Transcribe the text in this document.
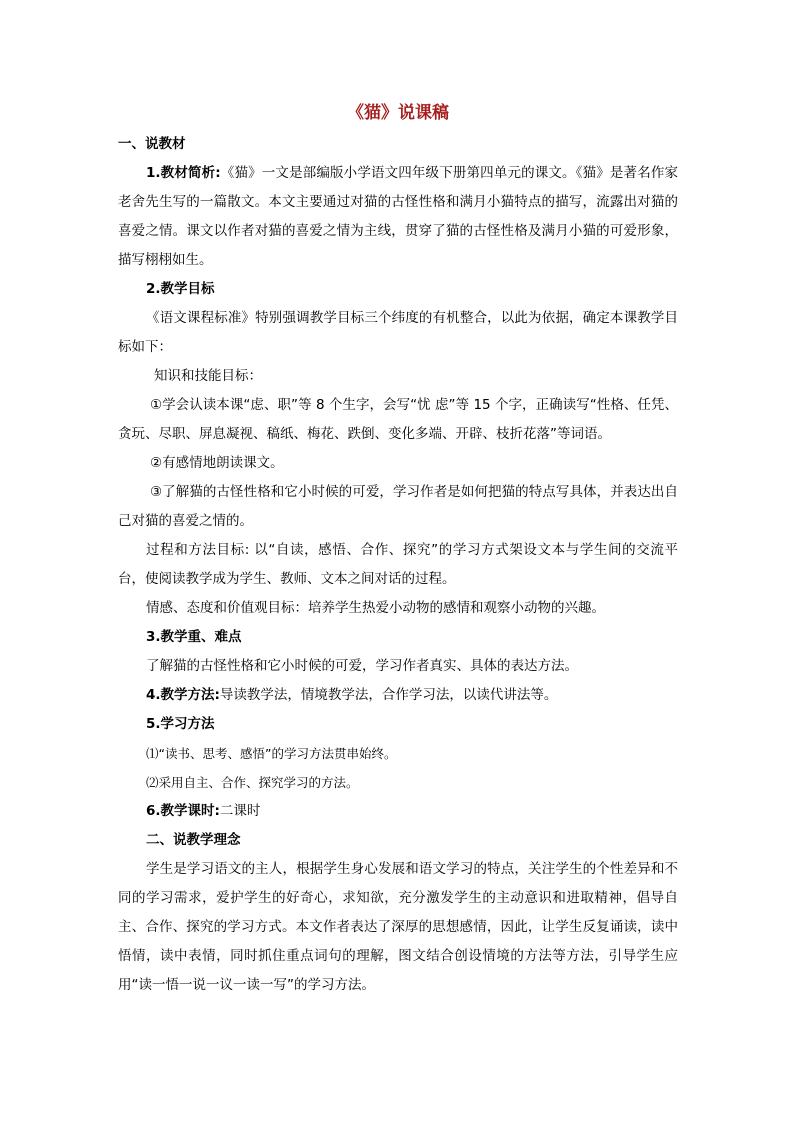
《猫》说课稿
一、说教材

1.教材简析:《猫》一文是部编版小学语文四年级下册第四单元的课文。《猫》是著名作家老舍先生写的一篇散文。本文主要通过对猫的古怪性格和满月小猫特点的描写，流露出对猫的喜爱之情。课文以作者对猫的喜爱之情为主线，贯穿了猫的古怪性格及满月小猫的可爱形象，描写栩栩如生。

2.教学目标

《语文课程标准》特别强调教学目标三个纬度的有机整合，以此为依据，确定本课教学目标如下：

知识和技能目标：

①学会认读本课“虑、职”等 8 个生字，会写“忧 虑”等 15 个字，正确读写“性格、任凭、贪玩、尽职、屏息凝视、稿纸、梅花、跌倒、变化多端、开辟、枝折花落”等词语。

②有感情地朗读课文。

③了解猫的古怪性格和它小时候的可爱，学习作者是如何把猫的特点写具体，并表达出自己对猫的喜爱之情的。

过程和方法目标: 以“自读，感悟、合作、探究”的学习方式架设文本与学生间的交流平台，使阅读教学成为学生、教师、文本之间对话的过程。

情感、态度和价值观目标：培养学生热爱小动物的感情和观察小动物的兴趣。

3.教学重、难点

了解猫的古怪性格和它小时候的可爱，学习作者真实、具体的表达方法。

4.教学方法:导读教学法，情境教学法，合作学习法，以读代讲法等。
5.学习方法
⑴“读书、思考、感悟”的学习方法贯串始终。
⑵采用自主、合作、探究学习的方法。
6.教学课时:二课时
二、说教学理念

学生是学习语文的主人，根据学生身心发展和语文学习的特点，关注学生的个性差异和不同的学习需求，爱护学生的好奇心，求知欲，充分激发学生的主动意识和进取精神，倡导自主、合作、探究的学习方式。本文作者表达了深厚的思想感情，因此，让学生反复诵读，读中悟情，读中表情，同时抓住重点词句的理解，图文结合创设情境的方法等方法，引导学生应用“读一悟一说一议一读一写”的学习方法。
